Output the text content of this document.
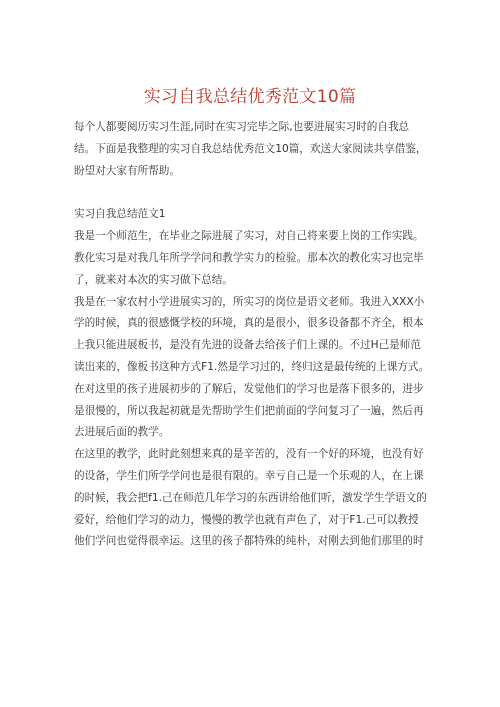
实习自我总结优秀范文10篇
每个人都要阅历实习生涯,同时在实习完毕之际,也要进展实习时的自我总
结。下面是我整理的实习自我总结优秀范文10篇，欢送大家阅读共享借鉴，
盼望对大家有所帮助。
实习自我总结范文1
我是一个师范生，在毕业之际进展了实习，对自己将来要上岗的工作实践。
教化实习是对我几年所学学问和教学实力的检验。那本次的教化实习也完毕
了，就来对本次的实习做下总结。
我是在一家农村小学进展实习的，所实习的岗位是语文老师。我进入XXX小
学的时候，真的很感慨学校的环境，真的是很小，很多设备都不齐全，根本
上我只能进展板书，是没有先进的设备去给孩子们上课的。不过H己是师范
读出来的，像板书这种方式F1.然是学习过的，终归这是最传统的上课方式。
在对这里的孩子进展初步的了解后，发觉他们的学习也是落下很多的，进步
是很慢的，所以我起初就是先帮助学生们把前面的学问复习了一遍，然后再
去进展后面的教学。
在这里的教学，此时此刻想来真的是辛苦的，没有一个好的环境，也没有好
的设备，学生们所学学问也是很有限的。幸亏自己是一个乐观的人，在上课
的时候，我会把f1.己在师范几年学习的东西讲给他们听，激发学生学语文的
爱好，给他们学习的动力，慢慢的教学也就有声色了，对于F1.己可以教授
他们学问也觉得很幸运。这里的孩子都特殊的纯朴，对刚去到他们那里的时
